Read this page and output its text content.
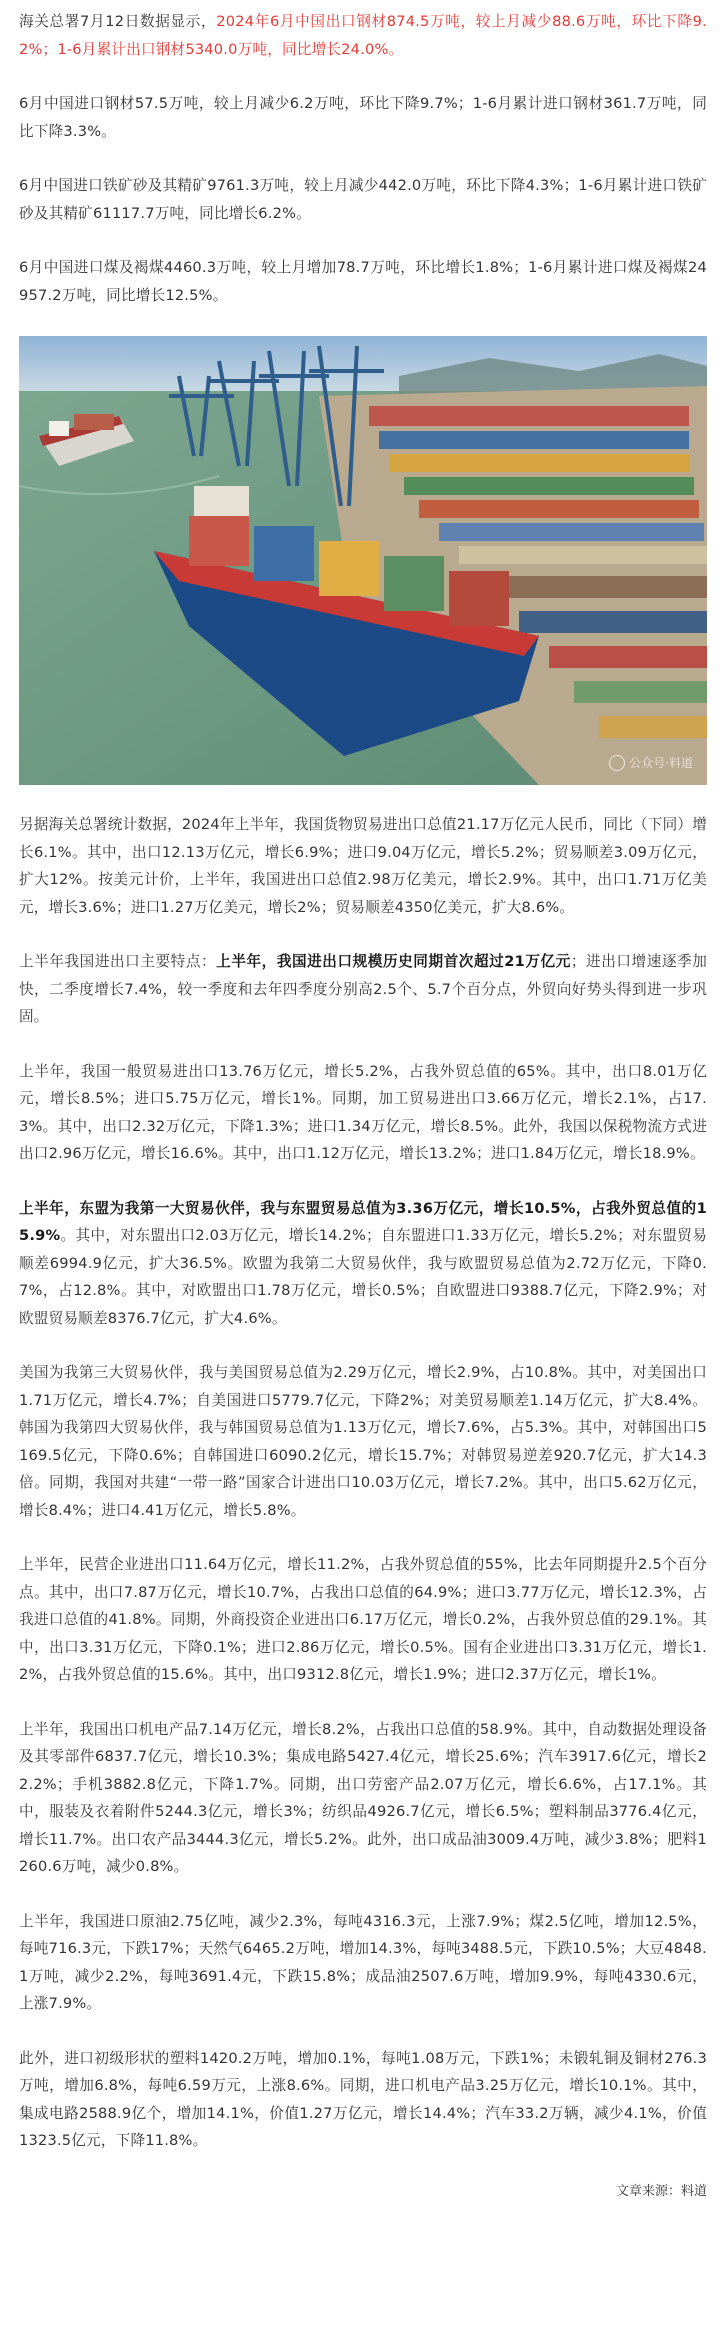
海关总署7月12日数据显示，2024年6月中国出口钢材874.5万吨，较上月减少88.6万吨，环比下降9.2%；1-6月累计出口钢材5340.0万吨，同比增长24.0%。

6月中国进口钢材57.5万吨，较上月减少6.2万吨，环比下降9.7%；1-6月累计进口钢材361.7万吨，同比下降3.3%。

6月中国进口铁矿砂及其精矿9761.3万吨，较上月减少442.0万吨，环比下降4.3%；1-6月累计进口铁矿砂及其精矿61117.7万吨，同比增长6.2%。

6月中国进口煤及褐煤4460.3万吨，较上月增加78.7万吨，环比增长1.8%；1-6月累计进口煤及褐煤24957.2万吨，同比增长12.5%。

公众号·料道

另据海关总署统计数据，2024年上半年，我国货物贸易进出口总值21.17万亿元人民币，同比（下同）增长6.1%。其中，出口12.13万亿元，增长6.9%；进口9.04万亿元，增长5.2%；贸易顺差3.09万亿元，扩大12%。按美元计价，上半年，我国进出口总值2.98万亿美元，增长2.9%。其中，出口1.71万亿美元，增长3.6%；进口1.27万亿美元，增长2%；贸易顺差4350亿美元，扩大8.6%。

上半年我国进出口主要特点：上半年，我国进出口规模历史同期首次超过21万亿元；进出口增速逐季加快，二季度增长7.4%，较一季度和去年四季度分别高2.5个、5.7个百分点，外贸向好势头得到进一步巩固。

上半年，我国一般贸易进出口13.76万亿元，增长5.2%，占我外贸总值的65%。其中，出口8.01万亿元，增长8.5%；进口5.75万亿元，增长1%。同期，加工贸易进出口3.66万亿元，增长2.1%，占17.3%。其中，出口2.32万亿元，下降1.3%；进口1.34万亿元，增长8.5%。此外，我国以保税物流方式进出口2.96万亿元，增长16.6%。其中，出口1.12万亿元，增长13.2%；进口1.84万亿元，增长18.9%。

上半年，东盟为我第一大贸易伙伴，我与东盟贸易总值为3.36万亿元，增长10.5%，占我外贸总值的15.9%。其中，对东盟出口2.03万亿元，增长14.2%；自东盟进口1.33万亿元，增长5.2%；对东盟贸易顺差6994.9亿元，扩大36.5%。欧盟为我第二大贸易伙伴，我与欧盟贸易总值为2.72万亿元，下降0.7%，占12.8%。其中，对欧盟出口1.78万亿元，增长0.5%；自欧盟进口9388.7亿元，下降2.9%；对欧盟贸易顺差8376.7亿元，扩大4.6%。

美国为我第三大贸易伙伴，我与美国贸易总值为2.29万亿元，增长2.9%，占10.8%。其中，对美国出口1.71万亿元，增长4.7%；自美国进口5779.7亿元，下降2%；对美贸易顺差1.14万亿元，扩大8.4%。韩国为我第四大贸易伙伴，我与韩国贸易总值为1.13万亿元，增长7.6%，占5.3%。其中，对韩国出口5169.5亿元，下降0.6%；自韩国进口6090.2亿元，增长15.7%；对韩贸易逆差920.7亿元，扩大14.3倍。同期，我国对共建“一带一路”国家合计进出口10.03万亿元，增长7.2%。其中，出口5.62万亿元，增长8.4%；进口4.41万亿元，增长5.8%。

上半年，民营企业进出口11.64万亿元，增长11.2%，占我外贸总值的55%，比去年同期提升2.5个百分点。其中，出口7.87万亿元，增长10.7%，占我出口总值的64.9%；进口3.77万亿元，增长12.3%，占我进口总值的41.8%。同期，外商投资企业进出口6.17万亿元，增长0.2%，占我外贸总值的29.1%。其中，出口3.31万亿元，下降0.1%；进口2.86万亿元，增长0.5%。国有企业进出口3.31万亿元，增长1.2%，占我外贸总值的15.6%。其中，出口9312.8亿元，增长1.9%；进口2.37万亿元，增长1%。

上半年，我国出口机电产品7.14万亿元，增长8.2%，占我出口总值的58.9%。其中，自动数据处理设备及其零部件6837.7亿元，增长10.3%；集成电路5427.4亿元，增长25.6%；汽车3917.6亿元，增长22.2%；手机3882.8亿元，下降1.7%。同期，出口劳密产品2.07万亿元，增长6.6%，占17.1%。其中，服装及衣着附件5244.3亿元，增长3%；纺织品4926.7亿元，增长6.5%；塑料制品3776.4亿元，增长11.7%。出口农产品3444.3亿元，增长5.2%。此外，出口成品油3009.4万吨，减少3.8%；肥料1260.6万吨，减少0.8%。

上半年，我国进口原油2.75亿吨，减少2.3%，每吨4316.3元，上涨7.9%；煤2.5亿吨，增加12.5%，每吨716.3元，下跌17%；天然气6465.2万吨，增加14.3%，每吨3488.5元，下跌10.5%；大豆4848.1万吨，减少2.2%，每吨3691.4元，下跌15.8%；成品油2507.6万吨，增加9.9%，每吨4330.6元，上涨7.9%。

此外，进口初级形状的塑料1420.2万吨，增加0.1%，每吨1.08万元，下跌1%；未锻轧铜及铜材276.3万吨，增加6.8%，每吨6.59万元，上涨8.6%。同期，进口机电产品3.25万亿元，增长10.1%。其中，集成电路2588.9亿个，增加14.1%，价值1.27万亿元，增长14.4%；汽车33.2万辆，减少4.1%，价值1323.5亿元，下降11.8%。

文章来源：料道
